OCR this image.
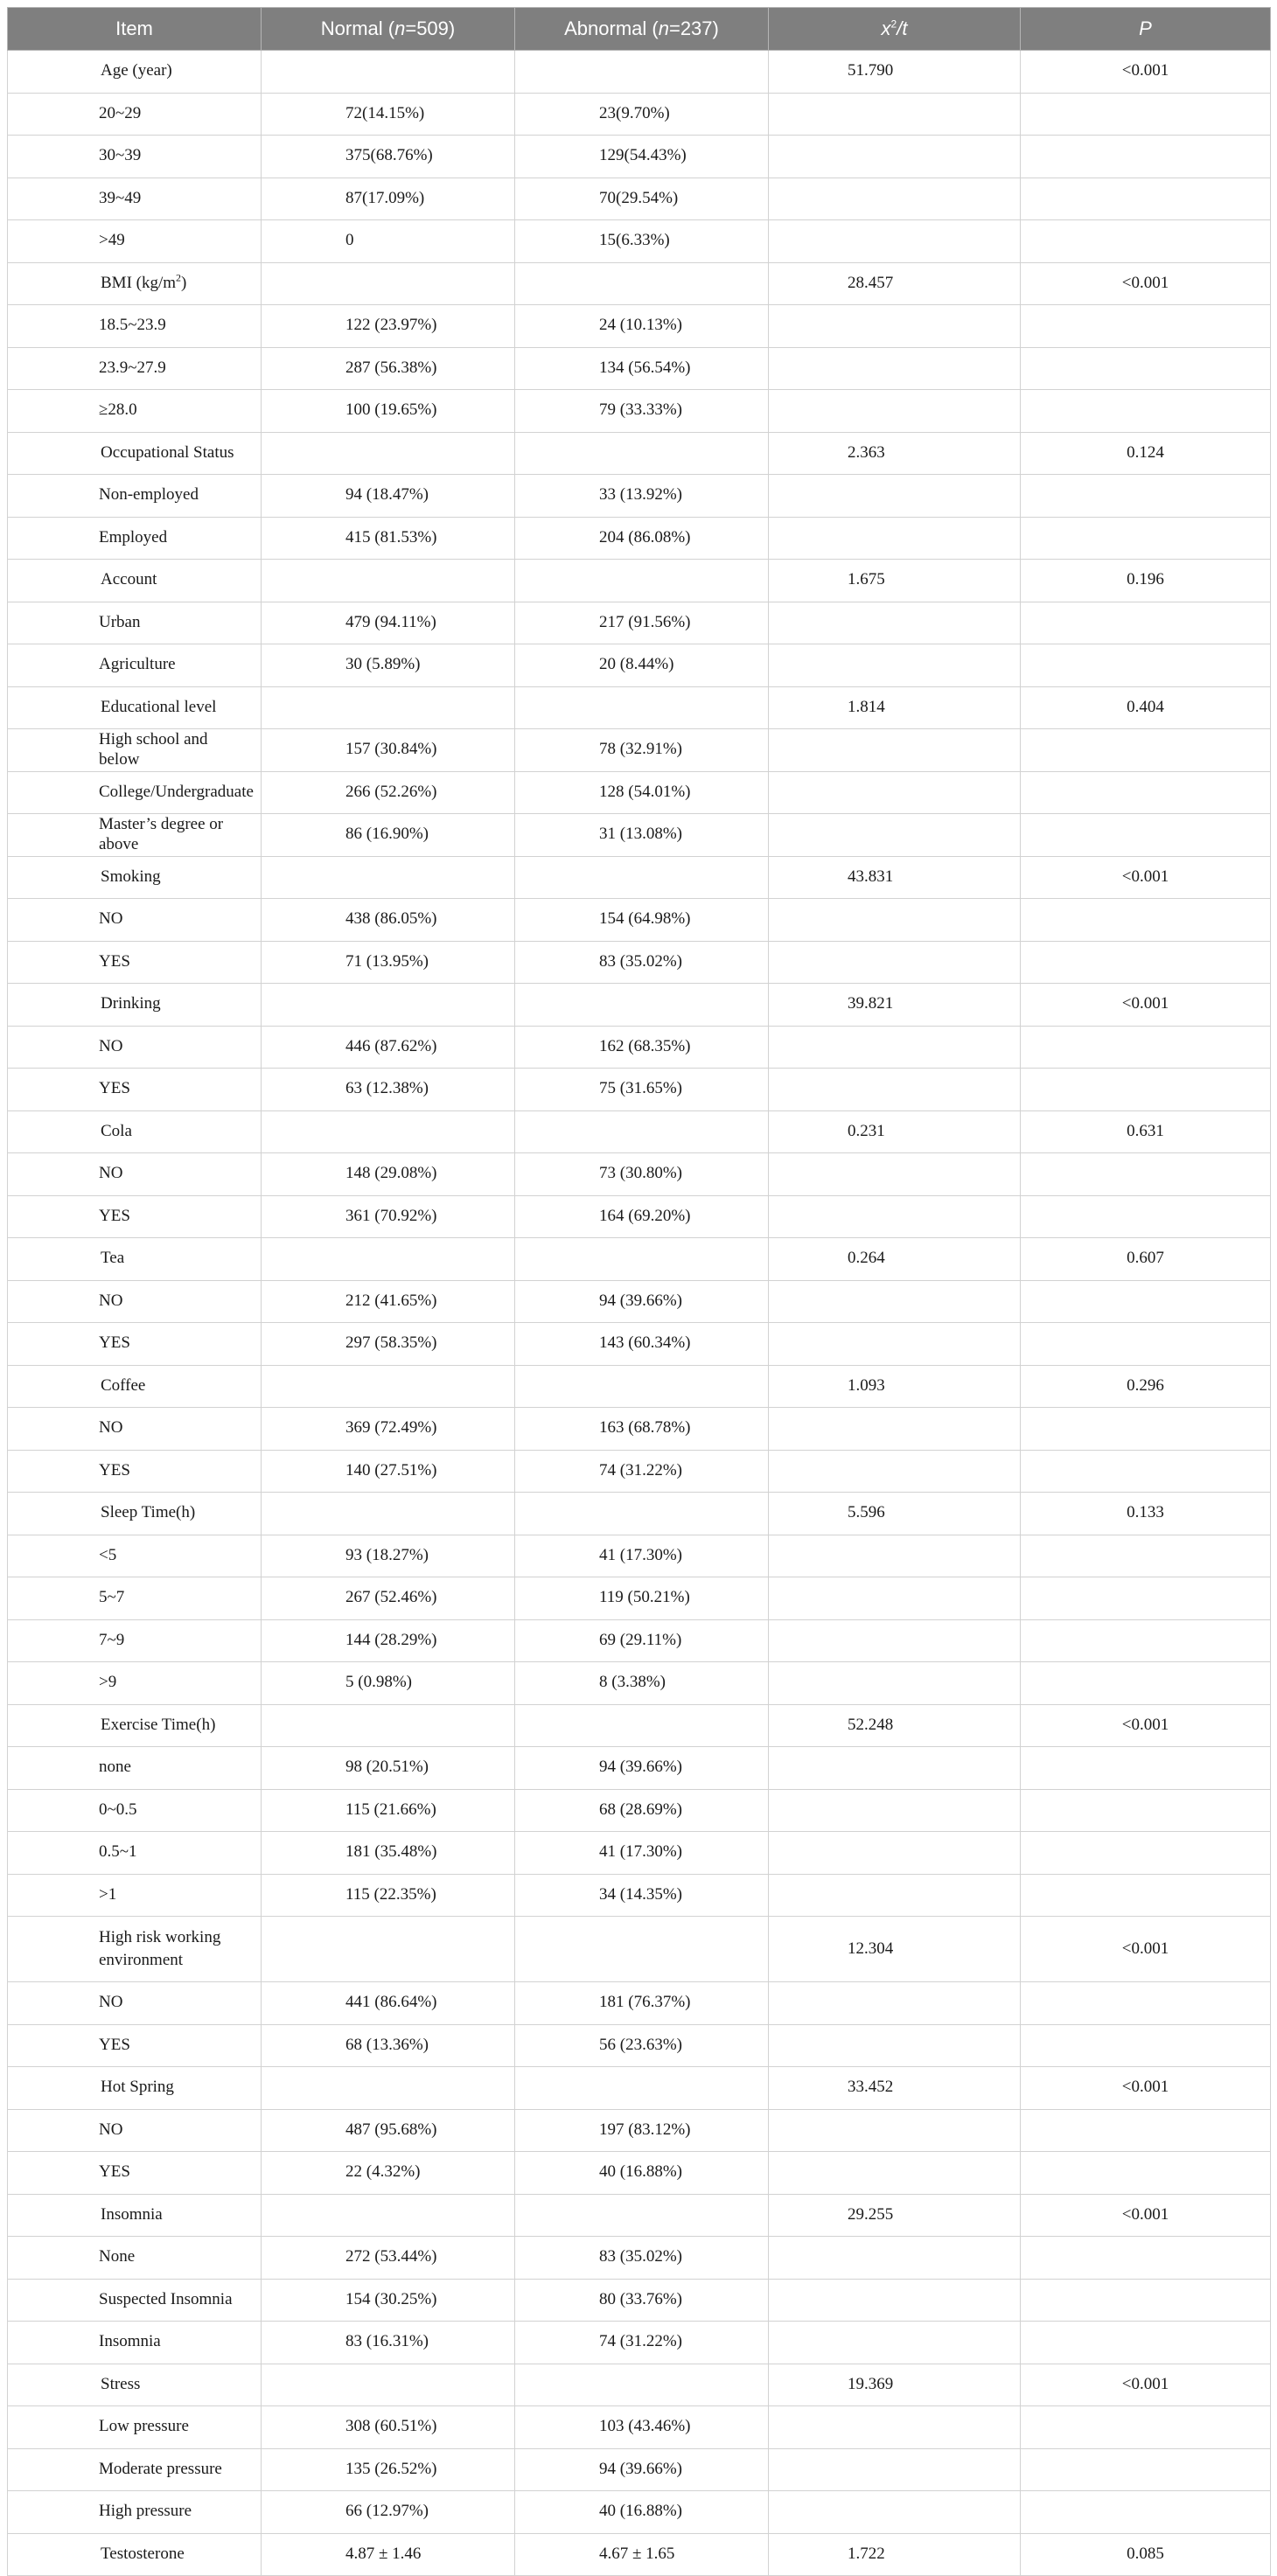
Item	Normal (n=509)	Abnormal (n=237)	$x^2/t$	P
Age (year)			51.790	<0.001
20~29	72(14.15%)	23(9.70%)		
30~39	375(68.76%)	129(54.43%)		
39~49	87(17.09%)	70(29.54%)		
>49	0	15(6.33%)		
BMI $(kg/m^2)$			28.457	<0.001
18.5~23.9	122 (23.97%)	24 (10.13%)		
23.9~27.9	287 (56.38%)	134 (56.54%)		
≥28.0	100 (19.65%)	79 (33.33%)		
Occupational Status			2.363	0.124
Non-employed	94 (18.47%)	33 (13.92%)		
Employed	415 (81.53%)	204 (86.08%)		
Account			1.675	0.196
Urban	479 (94.11%)	217 (91.56%)		
Agriculture	30 (5.89%)	20 (8.44%)		
Educational level			1.814	0.404
High school and below	157 (30.84%)	78 (32.91%)		
College/Undergraduate	266 (52.26%)	128 (54.01%)		
Master’s degree or above	86 (16.90%)	31 (13.08%)		
Smoking			43.831	<0.001
NO	438 (86.05%)	154 (64.98%)		
YES	71 (13.95%)	83 (35.02%)		
Drinking			39.821	<0.001
NO	446 (87.62%)	162 (68.35%)		
YES	63 (12.38%)	75 (31.65%)		
Cola			0.231	0.631
NO	148 (29.08%)	73 (30.80%)		
YES	361 (70.92%)	164 (69.20%)		
Tea			0.264	0.607
NO	212 (41.65%)	94 (39.66%)		
YES	297 (58.35%)	143 (60.34%)		
Coffee			1.093	0.296
NO	369 (72.49%)	163 (68.78%)		
YES	140 (27.51%)	74 (31.22%)		
Sleep Time(h)			5.596	0.133
<5	93 (18.27%)	41 (17.30%)		
5~7	267 (52.46%)	119 (50.21%)		
7~9	144 (28.29%)	69 (29.11%)		
>9	5 (0.98%)	8 (3.38%)		
Exercise Time(h)			52.248	<0.001
none	98 (20.51%)	94 (39.66%)		
0~0.5	115 (21.66%)	68 (28.69%)		
0.5~1	181 (35.48%)	41 (17.30%)		
>1	115 (22.35%)	34 (14.35%)		
High risk working environment			12.304	<0.001
NO	441 (86.64%)	181 (76.37%)		
YES	68 (13.36%)	56 (23.63%)		
Hot Spring			33.452	<0.001
NO	487 (95.68%)	197 (83.12%)		
YES	22 (4.32%)	40 (16.88%)		
Insomnia			29.255	<0.001
None	272 (53.44%)	83 (35.02%)		
Suspected Insomnia	154 (30.25%)	80 (33.76%)		
Insomnia	83 (16.31%)	74 (31.22%)		
Stress			19.369	<0.001
Low pressure	308 (60.51%)	103 (43.46%)		
Moderate pressure	135 (26.52%)	94 (39.66%)		
High pressure	66 (12.97%)	40 (16.88%)		
Testosterone	4.87 ± 1.46	4.67 ± 1.65	1.722	0.085
